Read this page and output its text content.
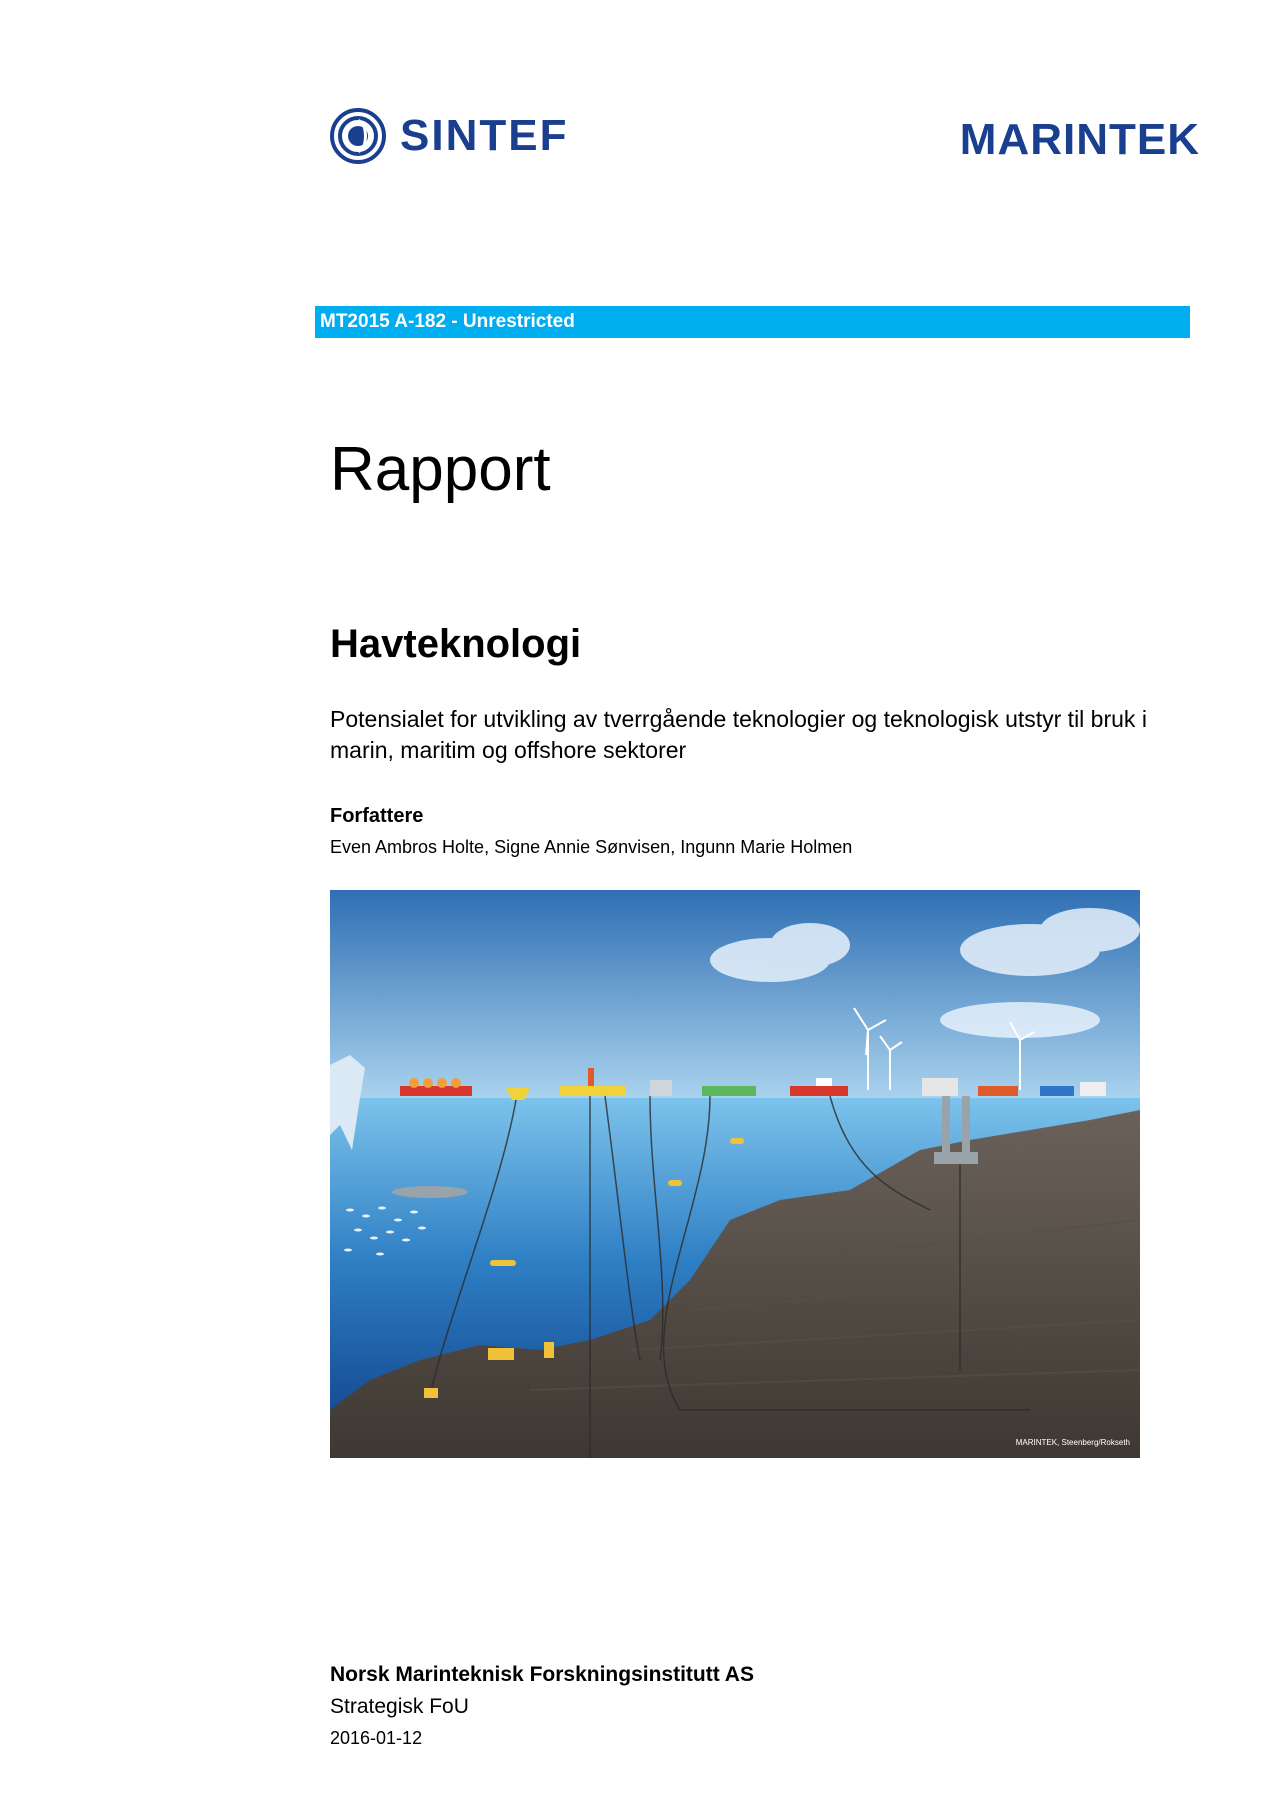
SINTEF	MARINTEK
MT2015 A-182 - Unrestricted
Rapport
Havteknologi
Potensialet for utvikling av tverrgående teknologier og teknologisk utstyr til bruk i marin, maritim og offshore sektorer
Forfattere
Even Ambros Holte, Signe Annie Sønvisen, Ingunn Marie Holmen
MARINTEK, Steenberg/Rokseth
Norsk Marinteknisk Forskningsinstitutt AS
Strategisk FoU
2016-01-12
